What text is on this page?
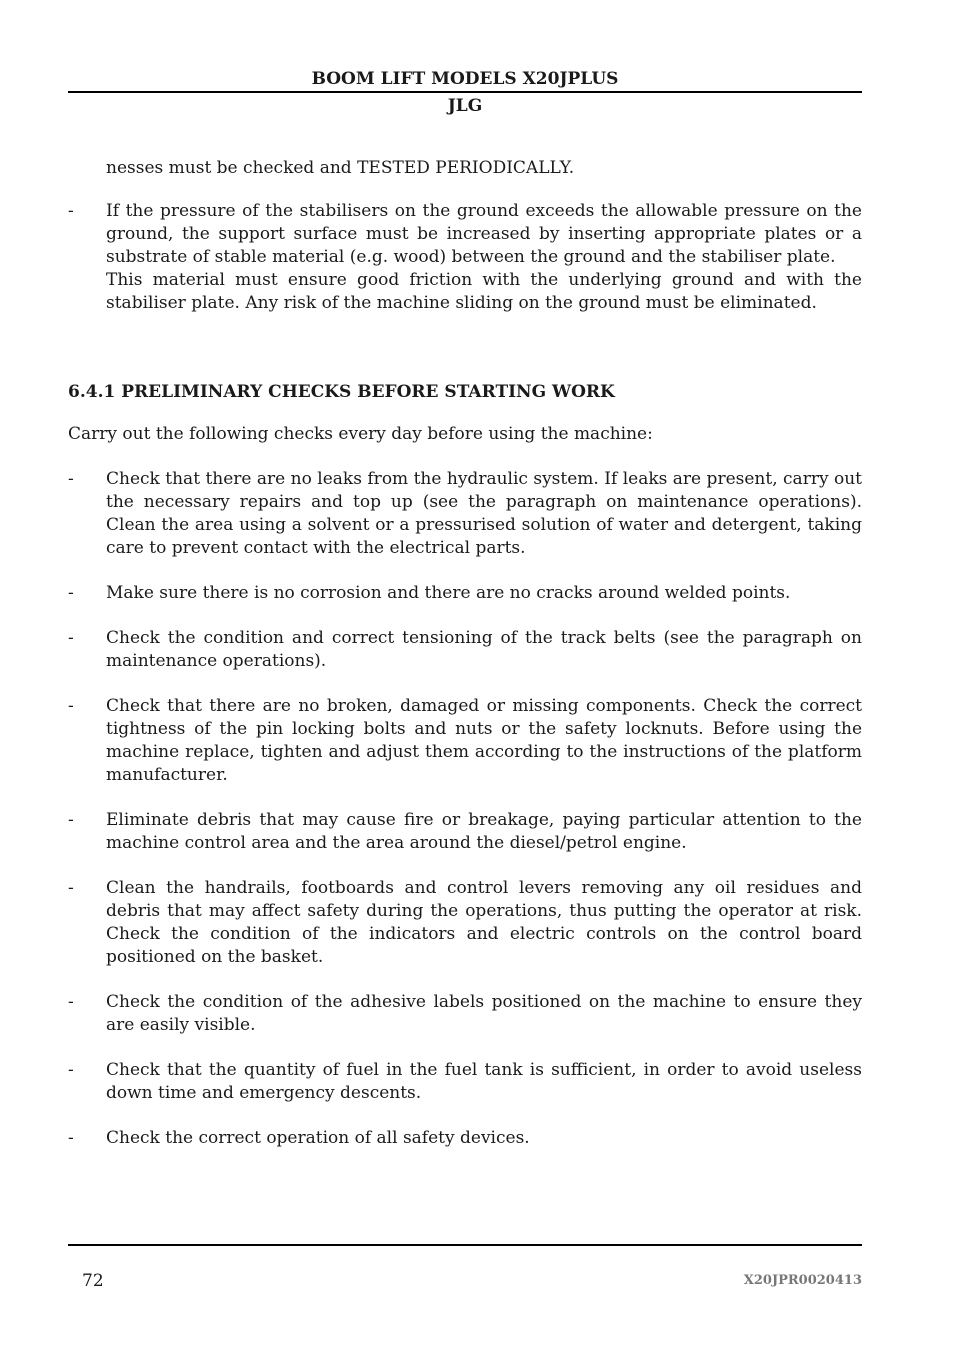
BOOM LIFT MODELS X20JPLUS
JLG

nesses must be checked and TESTED PERIODICALLY.

-	If the pressure of the stabilisers on the ground exceeds the allowable pressure on the ground, the support surface must be increased by inserting appropriate plates or a substrate of stable material (e.g. wood) between the ground and the stabiliser plate.

This material must ensure good friction with the underlying ground and with the stabiliser plate. Any risk of the machine sliding on the ground must be eliminated.

6.4.1 PRELIMINARY CHECKS BEFORE STARTING WORK

Carry out the following checks every day before using the machine:

-	Check that there are no leaks from the hydraulic system. If leaks are present, carry out the necessary repairs and top up (see the paragraph on maintenance operations). Clean the area using a solvent or a pressurised solution of water and detergent, taking care to prevent contact with the electrical parts.
-	Make sure there is no corrosion and there are no cracks around welded points.
-	Check the condition and correct tensioning of the track belts (see the paragraph on maintenance operations).
-	Check that there are no broken, damaged or missing components. Check the correct tightness of the pin locking bolts and nuts or the safety locknuts. Before using the machine replace, tighten and adjust them according to the instructions of the platform manufacturer.
-	Eliminate debris that may cause fire or breakage, paying particular attention to the machine control area and the area around the diesel/petrol engine.
-	Clean the handrails, footboards and control levers removing any oil residues and debris that may affect safety during the operations, thus putting the operator at risk. Check the condition of the indicators and electric controls on the control board positioned on the basket.
-	Check the condition of the adhesive labels positioned on the machine to ensure they are easily visible.
-	Check that the quantity of fuel in the fuel tank is sufficient, in order to avoid useless down time and emergency descents.
-	Check the correct operation of all safety devices.
72	X20JPR0020413
